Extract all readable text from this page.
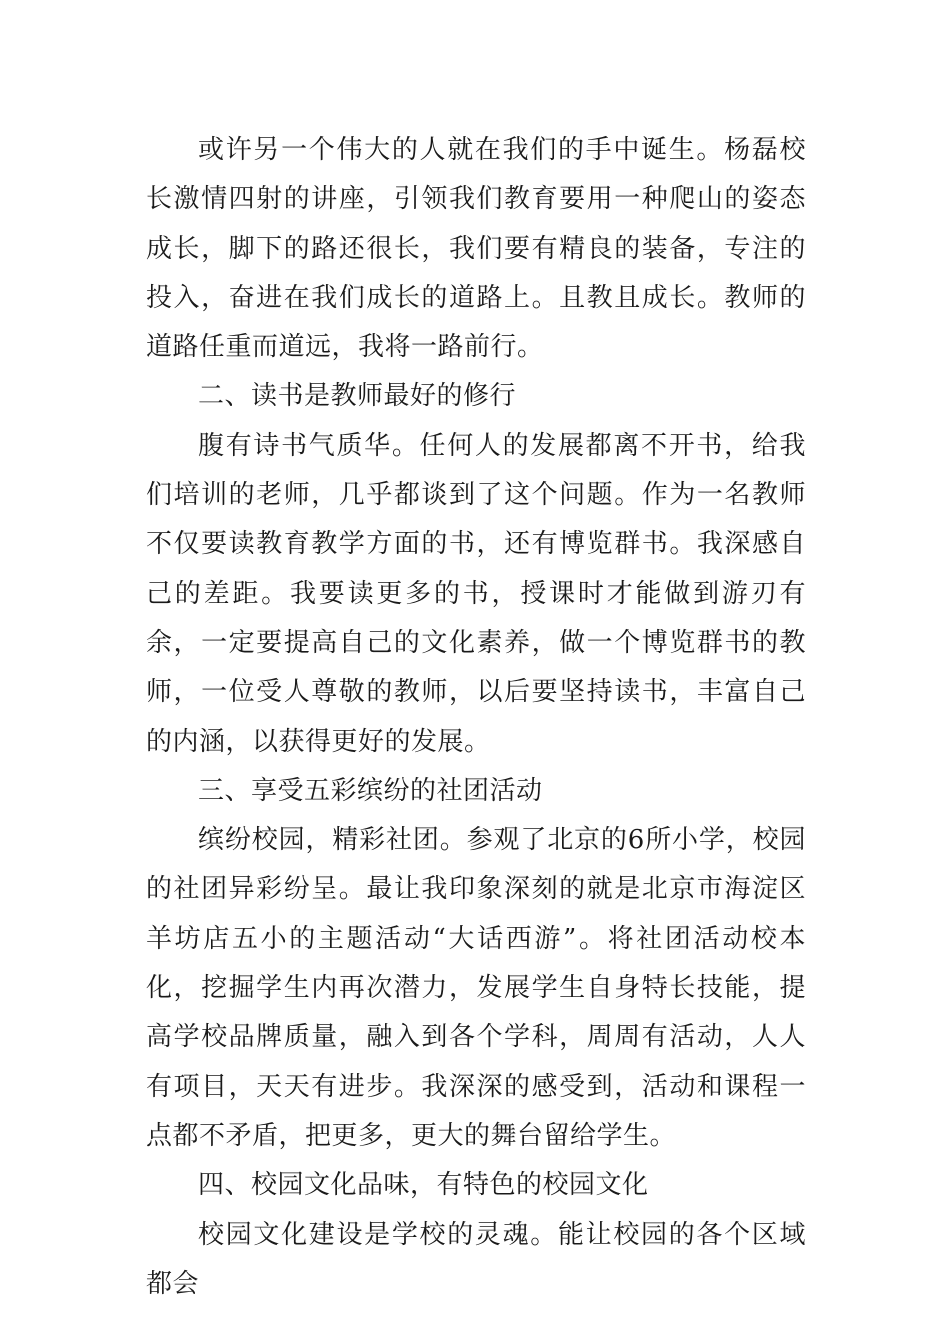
或许另一个伟大的人就在我们的手中诞生。杨磊校长激情四射的讲座，引领我们教育要用一种爬山的姿态成长，脚下的路还很长，我们要有精良的装备，专注的投入，奋进在我们成长的道路上。且教且成长。教师的道路任重而道远，我将一路前行。

二、读书是教师最好的修行

腹有诗书气质华。任何人的发展都离不开书，给我们培训的老师，几乎都谈到了这个问题。作为一名教师不仅要读教育教学方面的书，还有博览群书。我深感自己的差距。我要读更多的书，授课时才能做到游刃有余，一定要提高自己的文化素养，做一个博览群书的教师，一位受人尊敬的教师，以后要坚持读书，丰富自己的内涵，以获得更好的发展。

三、享受五彩缤纷的社团活动

缤纷校园，精彩社团。参观了北京的6所小学，校园的社团异彩纷呈。最让我印象深刻的就是北京市海淀区羊坊店五小的主题活动“大话西游”。将社团活动校本化，挖掘学生内再次潜力，发展学生自身特长技能，提高学校品牌质量，融入到各个学科，周周有活动，人人有项目，天天有进步。我深深的感受到，活动和课程一点都不矛盾，把更多，更大的舞台留给学生。

四、校园文化品味，有特色的校园文化

校园文化建设是学校的灵魂。能让校园的各个区域都会
